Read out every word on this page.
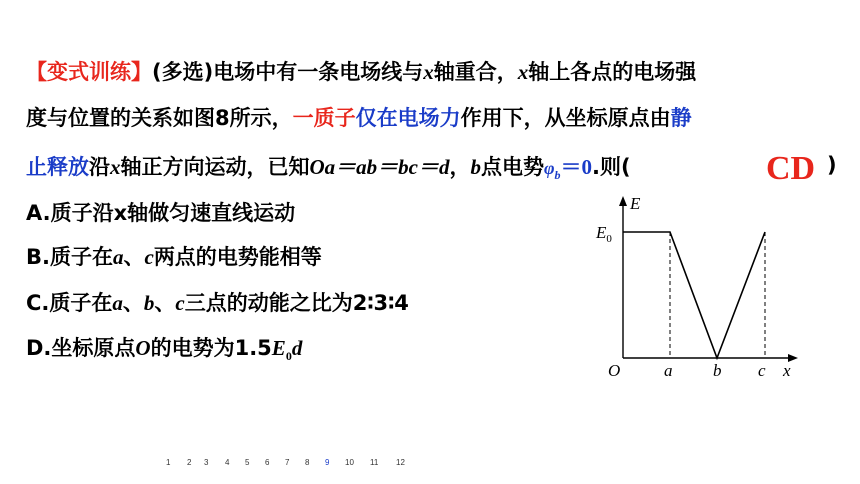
【变式训练】(多选)电场中有一条电场线与x轴重合，x轴上各点的电场强
度与位置的关系如图8所示，一质子仅在电场力作用下，从坐标原点由静
止释放沿x轴正方向运动，已知Oa＝ab＝bc＝d，b点电势$\varphi_b=0$.则(	CD )
A.质子沿x轴做匀速直线运动
B.质子在a、c两点的电势能相等
C.质子在a、b、c三点的动能之比为2∶3∶4
D.坐标原点O的电势为$1.5E_0d$
E
$E_0$
O	a b c x
1 2 3 4 5 6 7 8 9 10 11 12
